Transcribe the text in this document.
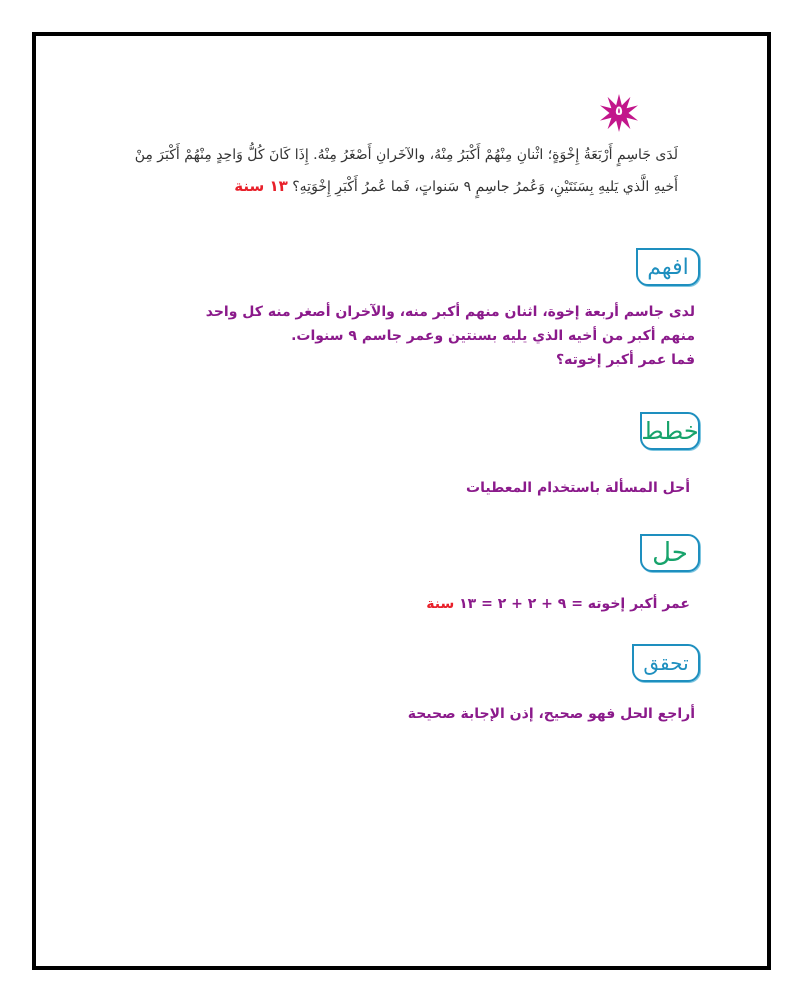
٥
لَدَى جَاسِمٍ أَرْبَعَةُ إِخْوَةٍ؛ اثْنانِ مِنْهُمْ أَكْبَرُ مِنْهُ، والآخَرانِ أَصْغَرُ مِنْهُ. إِذَا كَانَ كُلُّ وَاحِدٍ مِنْهُمْ أَكْبَرَ مِنْ
أَخيهِ الَّذي يَليهِ بِسَنَتَيْنِ، وَعُمرُ جاسِمٍ ٩ سَنواتٍ، فَما عُمرُ أَكْبَرِ إِخْوَتِهِ؟ ١٣ سنة
افهم
لدى جاسم أربعة إخوة، اثنان منهم أكبر منه، والآخران أصغر منه كل واحد
منهم أكبر من أخيه الذي يليه بسنتين وعمر جاسم ٩ سنوات.
فما عمر أكبر إخوته؟
خطط
أحل المسألة باستخدام المعطيات
حل
عمر أكبر إخوته = ٩ + ٢ + ٢ = ١٣ سنة
تحقق
أراجع الحل فهو صحيح، إذن الإجابة صحيحة
